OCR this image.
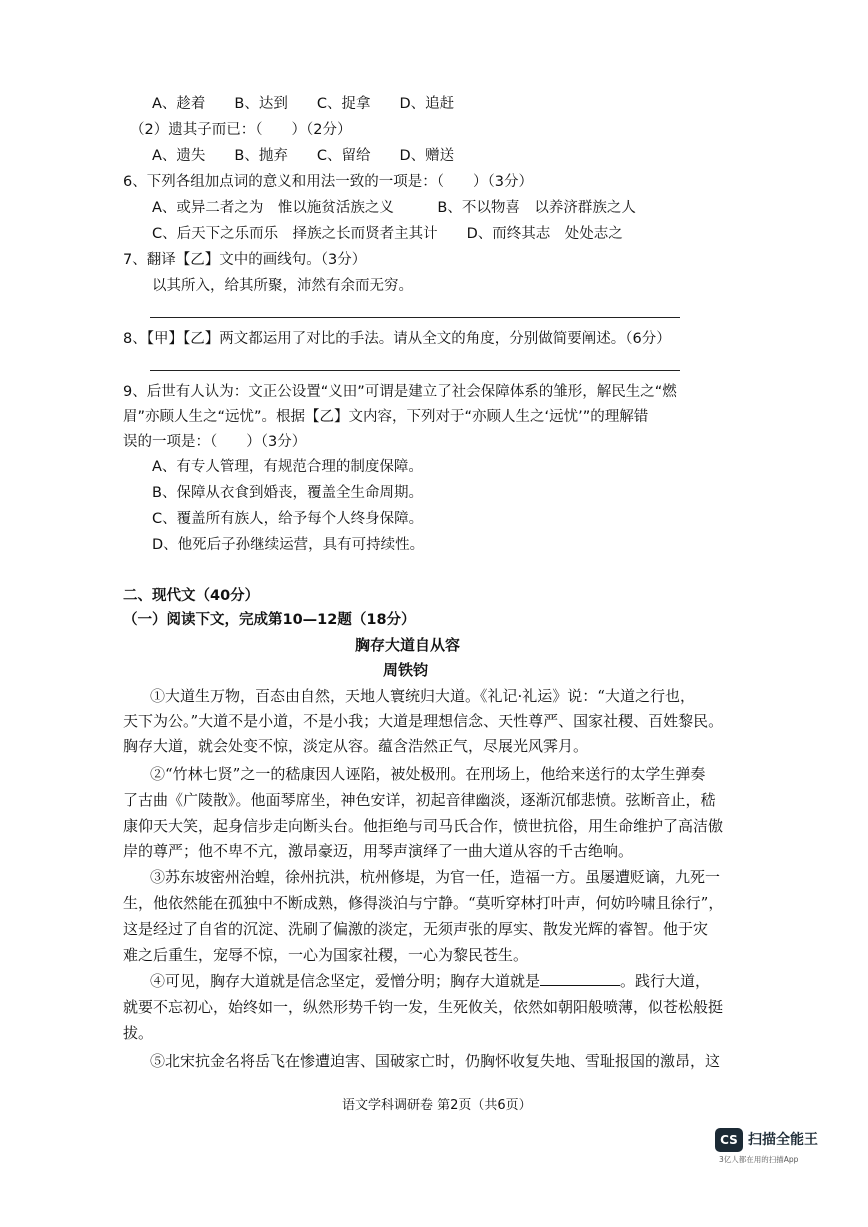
A、趁着　　B、达到　　C、捉拿　　D、追赶
（2）遗其子而已：（　　）（2分）
A、遗失　　B、抛弃　　C、留给　　D、赠送
6、下列各组加点词的意义和用法一致的一项是：（　　）（3分）
A、或异二者之为　惟以施贫活族之义　　　B、不以物喜　以养济群族之人
C、后天下之乐而乐　择族之长而贤者主其计　　D、而终其志　处处志之
7、翻译【乙】文中的画线句。（3分）
以其所入，给其所聚，沛然有余而无穷。
8、【甲】【乙】两文都运用了对比的手法。请从全文的角度，分别做简要阐述。（6分）
9、后世有人认为：文正公设置“义田”可谓是建立了社会保障体系的雏形，解民生之“燃
眉”亦顾人生之“远忧”。根据【乙】文内容，下列对于“亦顾人生之‘远忧’”的理解错
误的一项是：（　　）（3分）
A、有专人管理，有规范合理的制度保障。
B、保障从衣食到婚丧，覆盖全生命周期。
C、覆盖所有族人，给予每个人终身保障。
D、他死后子孙继续运营，具有可持续性。
二、现代文（40分）
（一）阅读下文，完成第10—12题（18分）
胸存大道自从容
周铁钧
①大道生万物，百态由自然，天地人寰统归大道。《礼记·礼运》说：“大道之行也，
天下为公。”大道不是小道，不是小我；大道是理想信念、天性尊严、国家社稷、百姓黎民。
胸存大道，就会处变不惊，淡定从容。蕴含浩然正气，尽展光风霁月。
②“竹林七贤”之一的嵇康因人诬陷，被处极刑。在刑场上，他给来送行的太学生弹奏
了古曲《广陵散》。他面琴席坐，神色安详，初起音律幽淡，逐渐沉郁悲愤。弦断音止，嵇
康仰天大笑，起身信步走向断头台。他拒绝与司马氏合作，愤世抗俗，用生命维护了高洁傲
岸的尊严；他不卑不亢，激昂豪迈，用琴声演绎了一曲大道从容的千古绝响。
③苏东坡密州治蝗，徐州抗洪，杭州修堤，为官一任，造福一方。虽屡遭贬谪，九死一
生，他依然能在孤独中不断成熟，修得淡泊与宁静。“莫听穿林打叶声，何妨吟啸且徐行”，
这是经过了自省的沉淀、洗刷了偏激的淡定，无须声张的厚实、散发光辉的睿智。他于灾
难之后重生，宠辱不惊，一心为国家社稷，一心为黎民苍生。
④可见，胸存大道就是信念坚定，爱憎分明；胸存大道就是	。践行大道，
就要不忘初心，始终如一，纵然形势千钧一发，生死攸关，依然如朝阳般喷薄，似苍松般挺
拔。
⑤北宋抗金名将岳飞在惨遭迫害、国破家亡时，仍胸怀收复失地、雪耻报国的激昂，这
语文学科调研卷 第2页（共6页）
CS 扫描全能王
3亿人都在用的扫描App
